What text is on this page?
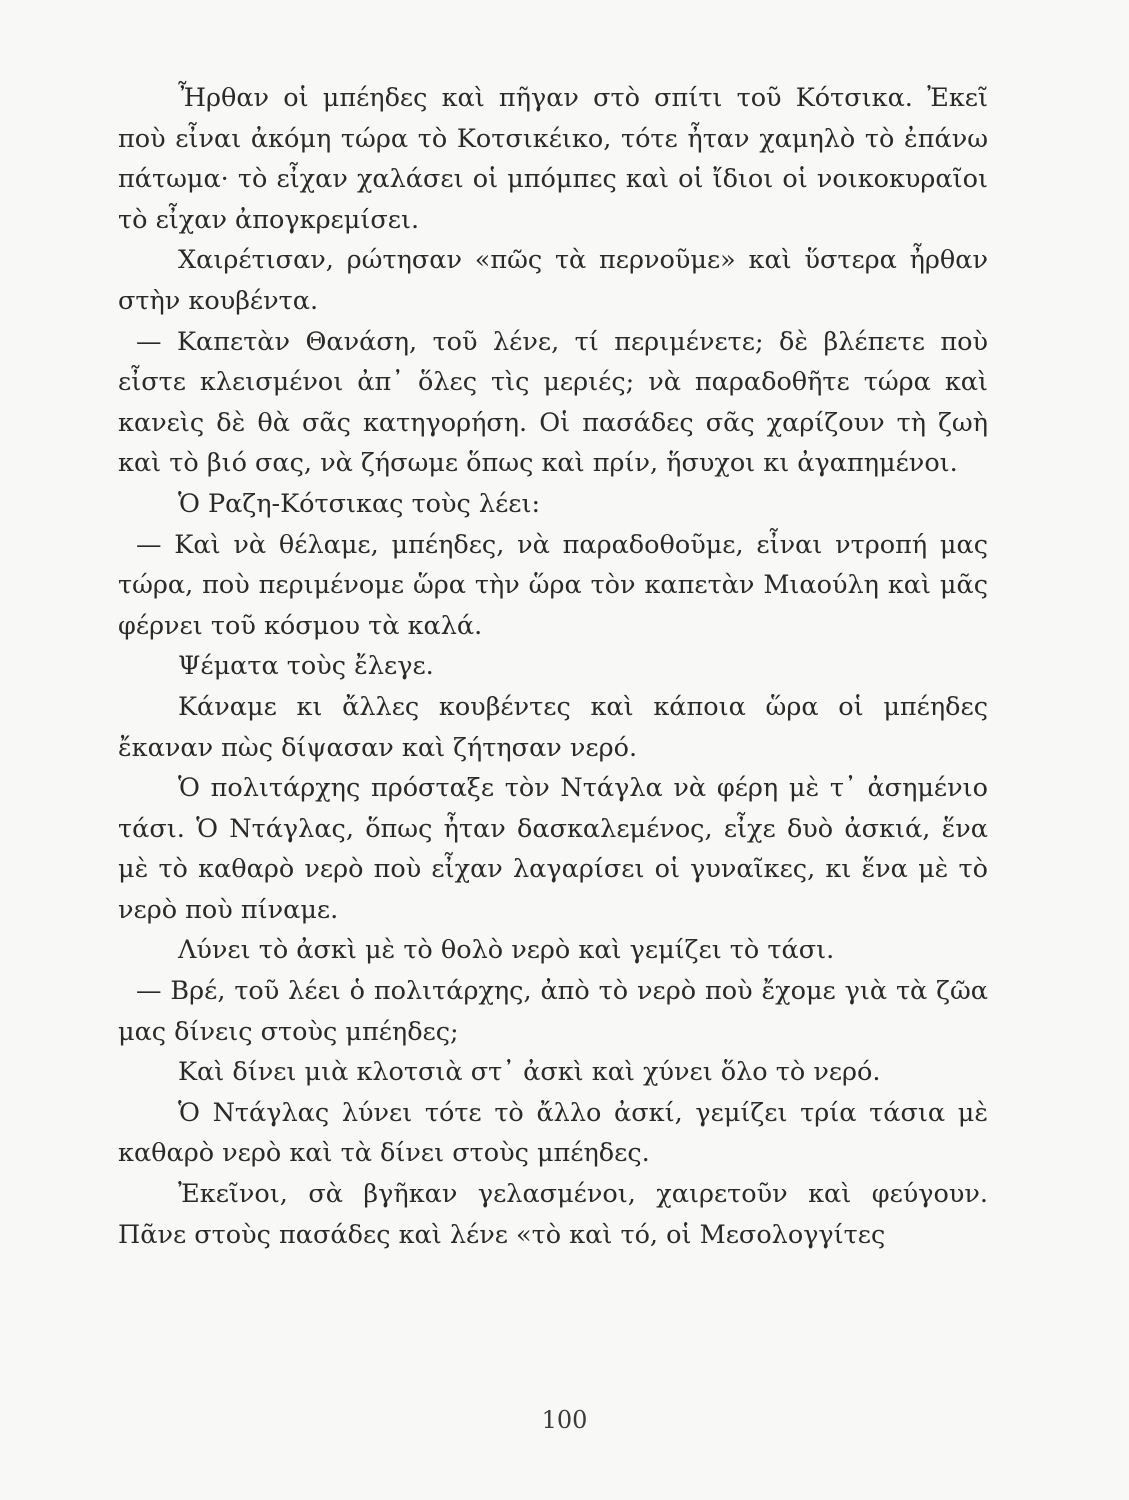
Ἦρθαν οἱ μπέηδες καὶ πῆγαν στὸ σπίτι τοῦ Κότσικα. Ἐκεῖ ποὺ εἶναι ἀκόμη τώρα τὸ Κοτσικέικο, τότε ἦταν χαμηλὸ τὸ ἐπάνω πάτωμα· τὸ εἶχαν χαλάσει οἱ μπόμπες καὶ οἱ ἴδιοι οἱ νοικοκυραῖοι τὸ εἶχαν ἀπογκρεμίσει.

Χαιρέτισαν, ρώτησαν «πῶς τὰ περνοῦμε» καὶ ὕστερα ἦρθαν στὴν κουβέντα.

— Καπετὰν Θανάση, τοῦ λένε, τί περιμένετε; δὲ βλέπετε ποὺ εἶστε κλεισμένοι ἀπ᾿ ὅλες τὶς μεριές; νὰ παραδοθῆτε τώρα καὶ κανεὶς δὲ θὰ σᾶς κατηγορήση. Οἱ πασάδες σᾶς χαρίζουν τὴ ζωὴ καὶ τὸ βιό σας, νὰ ζήσωμε ὅπως καὶ πρίν, ἥσυχοι κι ἀγαπημένοι.

Ὁ Ραζη-Κότσικας τοὺς λέει:

— Καὶ νὰ θέλαμε, μπέηδες, νὰ παραδοθοῦμε, εἶναι ντροπή μας τώρα, ποὺ περιμένομε ὥρα τὴν ὥρα τὸν καπετὰν Μιαούλη καὶ μᾶς φέρνει τοῦ κόσμου τὰ καλά.

Ψέματα τοὺς ἔλεγε.

Κάναμε κι ἄλλες κουβέντες καὶ κάποια ὥρα οἱ μπέηδες ἔκαναν πὼς δίψασαν καὶ ζήτησαν νερό.

Ὁ πολιτάρχης πρόσταξε τὸν Ντάγλα νὰ φέρη μὲ τ᾿ ἀσημένιο τάσι. Ὁ Ντάγλας, ὅπως ἦταν δασκαλεμένος, εἶχε δυὸ ἀσκιά, ἕνα μὲ τὸ καθαρὸ νερὸ ποὺ εἶχαν λαγαρίσει οἱ γυναῖκες, κι ἕνα μὲ τὸ νερὸ ποὺ πίναμε.

Λύνει τὸ ἀσκὶ μὲ τὸ θολὸ νερὸ καὶ γεμίζει τὸ τάσι.

— Βρέ, τοῦ λέει ὁ πολιτάρχης, ἀπὸ τὸ νερὸ ποὺ ἔχομε γιὰ τὰ ζῶα μας δίνεις στοὺς μπέηδες;

Καὶ δίνει μιὰ κλοτσιὰ στ᾿ ἀσκὶ καὶ χύνει ὅλο τὸ νερό.

Ὁ Ντάγλας λύνει τότε τὸ ἄλλο ἀσκί, γεμίζει τρία τάσια μὲ καθαρὸ νερὸ καὶ τὰ δίνει στοὺς μπέηδες.

Ἐκεῖνοι, σὰ βγῆκαν γελασμένοι, χαιρετοῦν καὶ φεύγουν. Πᾶνε στοὺς πασάδες καὶ λένε «τὸ καὶ τό, οἱ Μεσολογγίτες

100
